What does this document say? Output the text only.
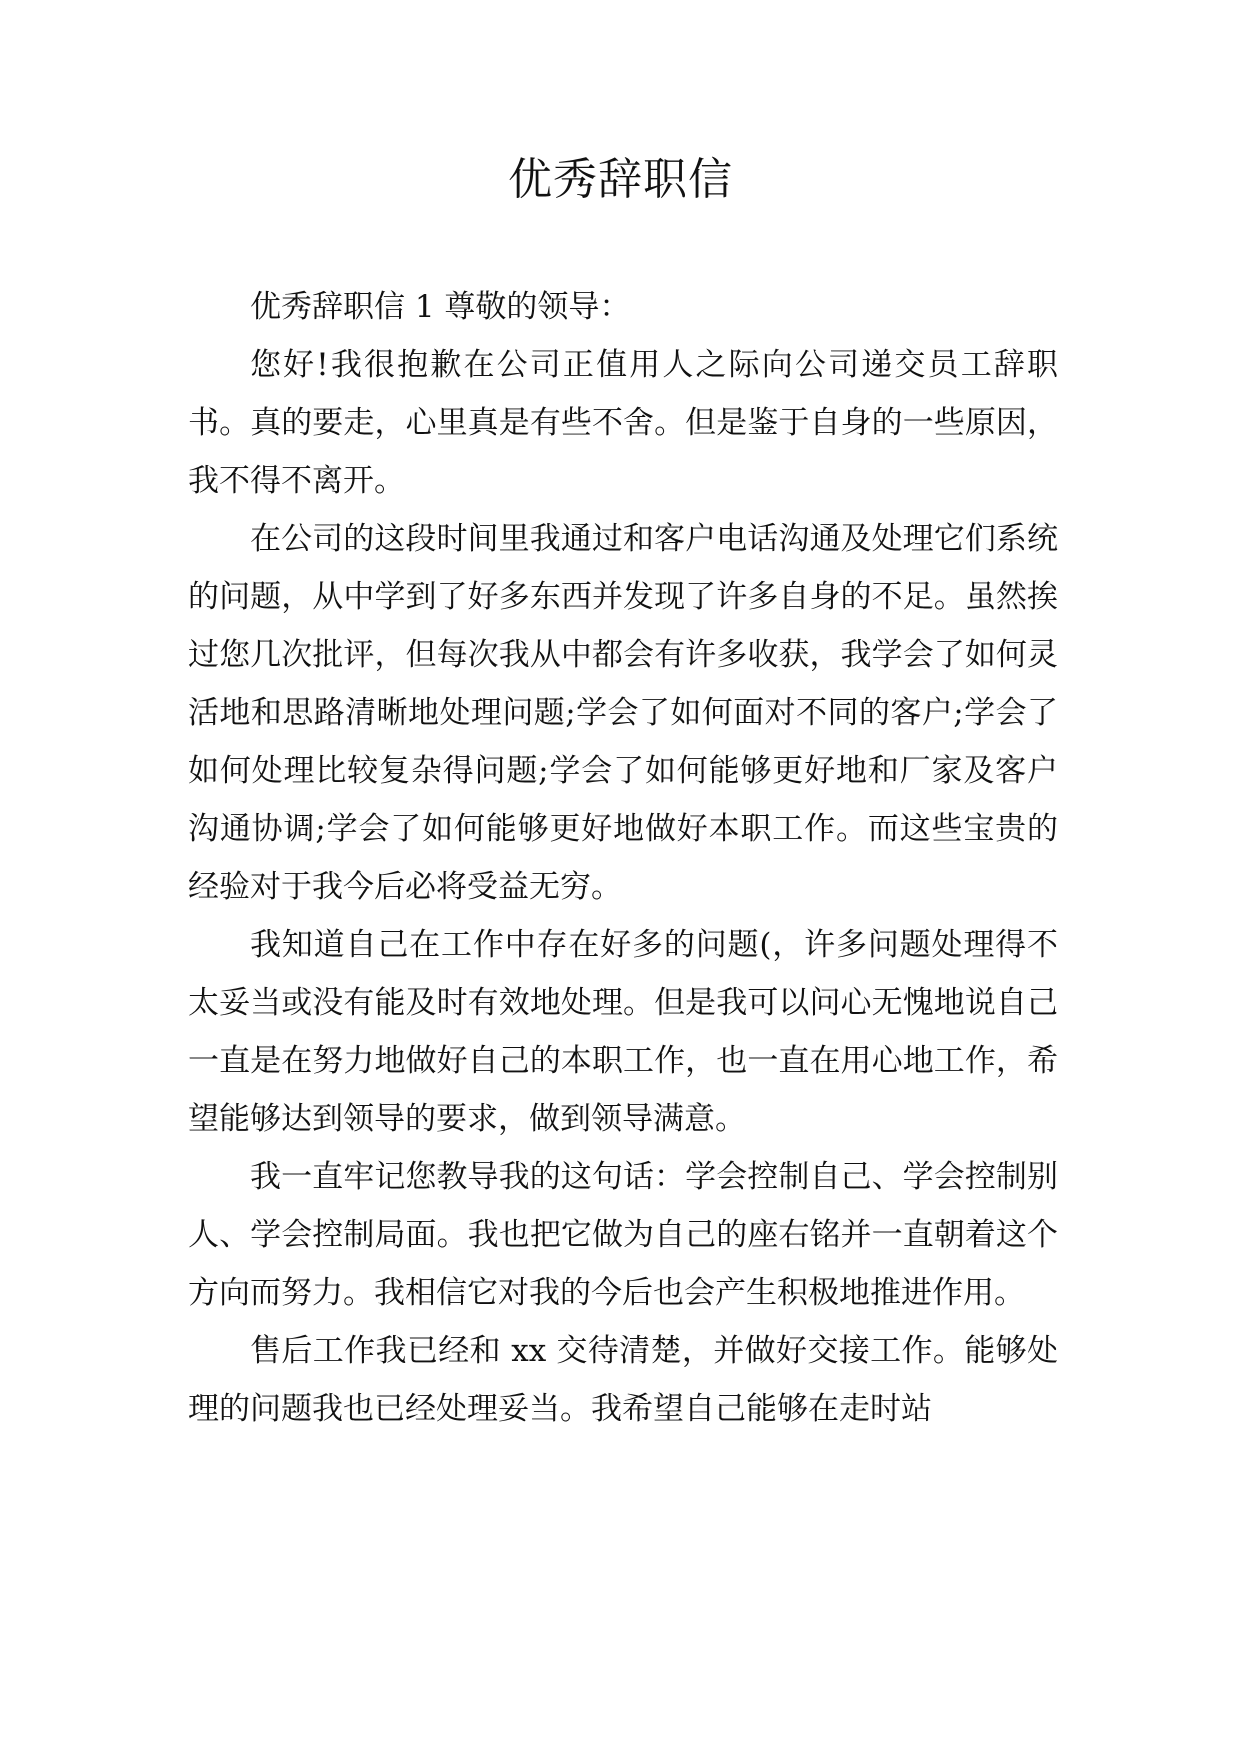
优秀辞职信

优秀辞职信 1 尊敬的领导：

您好!我很抱歉在公司正值用人之际向公司递交员工辞职书。真的要走，心里真是有些不舍。但是鉴于自身的一些原因，我不得不离开。

在公司的这段时间里我通过和客户电话沟通及处理它们系统的问题，从中学到了好多东西并发现了许多自身的不足。虽然挨过您几次批评，但每次我从中都会有许多收获，我学会了如何灵活地和思路清晰地处理问题;学会了如何面对不同的客户;学会了如何处理比较复杂得问题;学会了如何能够更好地和厂家及客户沟通协调;学会了如何能够更好地做好本职工作。而这些宝贵的经验对于我今后必将受益无穷。

我知道自己在工作中存在好多的问题(，许多问题处理得不太妥当或没有能及时有效地处理。但是我可以问心无愧地说自己一直是在努力地做好自己的本职工作，也一直在用心地工作，希望能够达到领导的要求，做到领导满意。

我一直牢记您教导我的这句话：学会控制自己、学会控制别人、学会控制局面。我也把它做为自己的座右铭并一直朝着这个方向而努力。我相信它对我的今后也会产生积极地推进作用。

售后工作我已经和 xx 交待清楚，并做好交接工作。能够处理的问题我也已经处理妥当。我希望自己能够在走时站
